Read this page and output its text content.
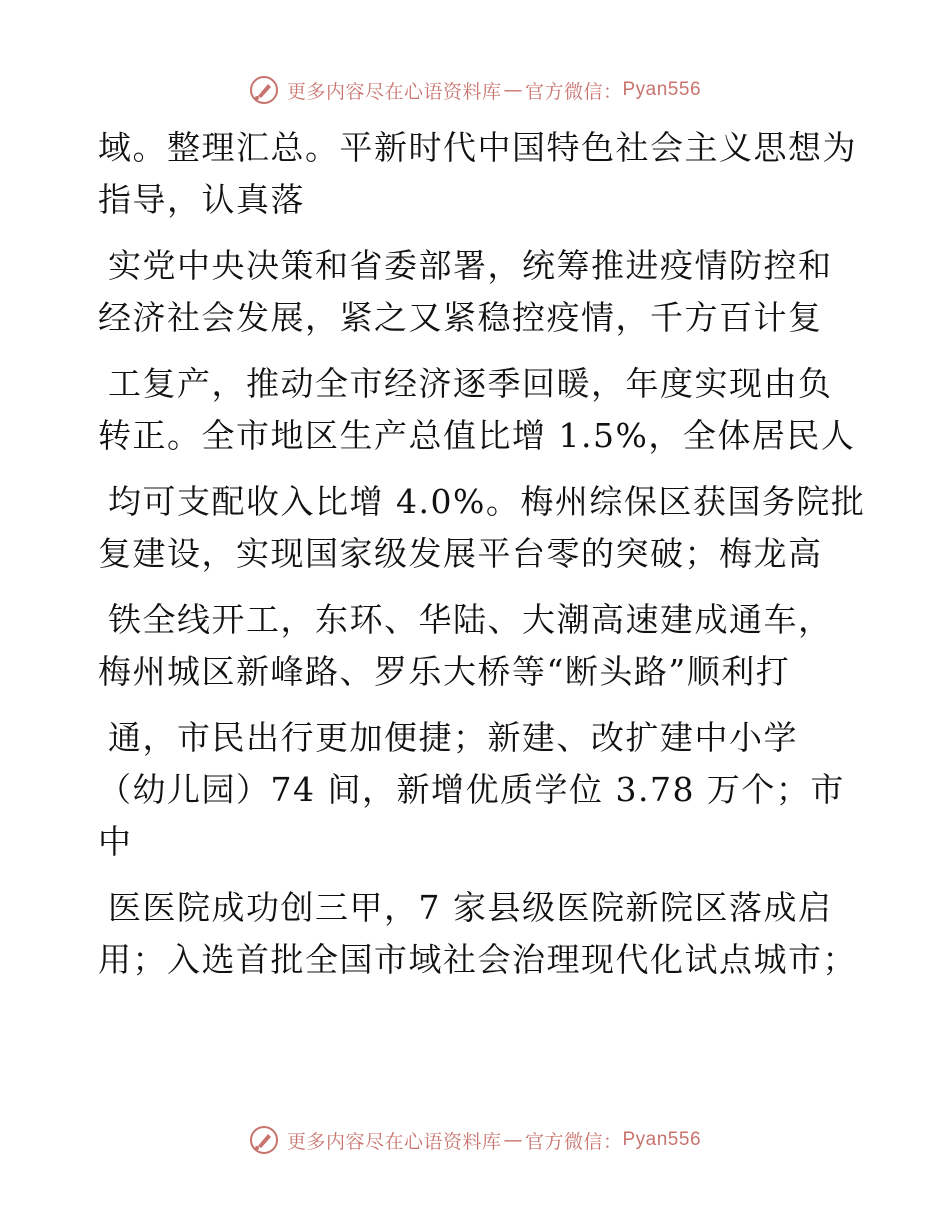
更多内容尽在心语资料库 — 官方微信： Pyan556
域。整理汇总。平新时代中国特色社会主义思想为
指导，认真落
实党中央决策和省委部署，统筹推进疫情防控和
经济社会发展，紧之又紧稳控疫情，千方百计复
工复产，推动全市经济逐季回暖，年度实现由负
转正。全市地区生产总值比增 1.5%，全体居民人
均可支配收入比增 4.0%。梅州综保区获国务院批
复建设，实现国家级发展平台零的突破；梅龙高
铁全线开工，东环、华陆、大潮高速建成通车，
梅州城区新峰路、罗乐大桥等“断头路”顺利打
通，市民出行更加便捷；新建、改扩建中小学
（幼儿园）74 间，新增优质学位 3.78 万个；市
中
医医院成功创三甲，7 家县级医院新院区落成启
用；入选首批全国市域社会治理现代化试点城市；
更多内容尽在心语资料库 — 官方微信： Pyan556
